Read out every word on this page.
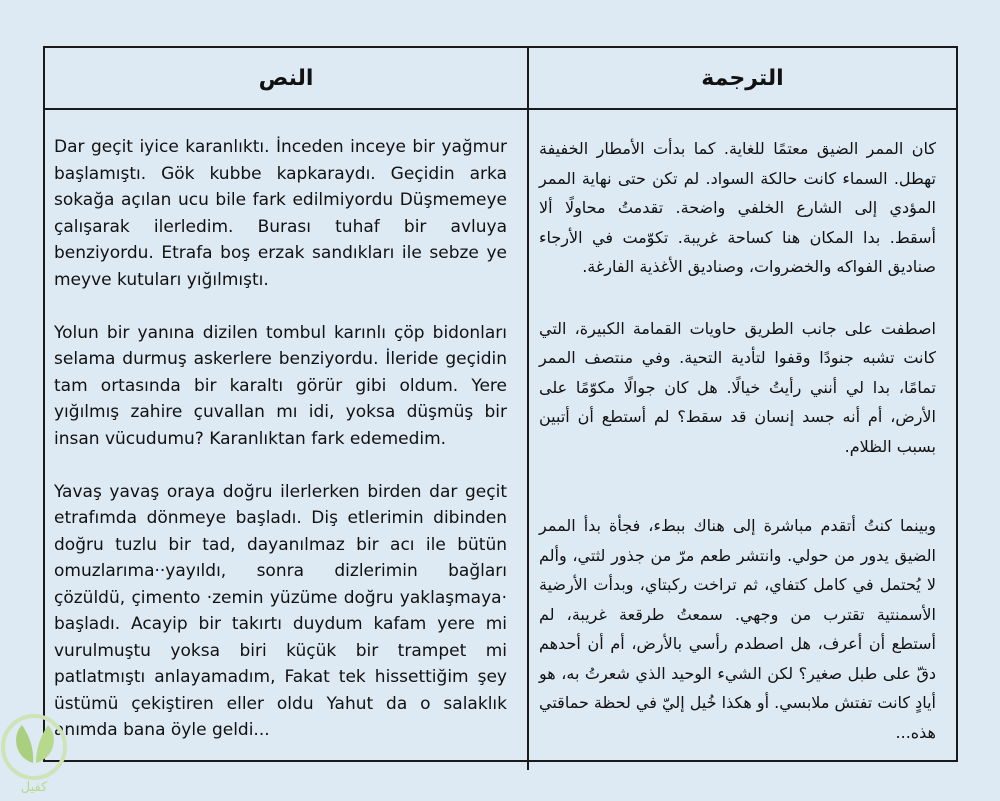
النص	الترجمة

Dar geçit iyice karanlıktı. İnceden inceye bir yağmur başlamıştı. Gök kubbe kapkaraydı. Geçidin arka sokağa açılan ucu bile fark edilmiyordu Düşmemeye çalışarak ilerledim. Burası tuhaf bir avluya benziyordu. Etrafa boş erzak sandıkları ile sebze ye meyve kutuları yığılmıştı.

Yolun bir yanına dizilen tombul karınlı çöp bidonları selama durmuş askerlere benziyordu. İleride geçidin tam ortasında bir karaltı görür gibi oldum. Yere yığılmış zahire çuvallan mı idi, yoksa düşmüş bir insan vücudumu? Karanlıktan fark edemedim.

Yavaş yavaş oraya doğru ilerlerken birden dar geçit etrafımda dönmeye başladı. Diş etlerimin dibinden doğru tuzlu bir tad, dayanılmaz bir acı ile bütün omuzlarıma··yayıldı, sonra dizlerimin bağları çözüldü, çimento ·zemin yüzüme doğru yaklaşmaya· başladı. Acayip bir takırtı duydum kafam yere mi vurulmuştu yoksa biri küçük bir trampet mi patlatmıştı anlayamadım, Fakat tek hissettiğim şey üstümü çekiştiren eller oldu Yahut da o salaklık anımda bana öyle geldi...

كان الممر الضيق معتمًا للغاية. كما بدأت الأمطار الخفيفة تهطل. السماء كانت حالكة السواد. لم تكن حتى نهاية الممر المؤدي إلى الشارع الخلفي واضحة. تقدمتُ محاولًا ألا أسقط. بدا المكان هنا كساحة غريبة. تكوّمت في الأرجاء صناديق الفواكه والخضروات، وصناديق الأغذية الفارغة.

اصطفت على جانب الطريق حاويات القمامة الكبيرة، التي كانت تشبه جنودًا وقفوا لتأدية التحية. وفي منتصف الممر تمامًا، بدا لي أنني رأيتُ خيالًا. هل كان جوالًا مكوّمًا على الأرض، أم أنه جسد إنسان قد سقط؟ لم أستطع أن أتبين بسبب الظلام.

وبينما كنتُ أتقدم مباشرة إلى هناك ببطء، فجأة بدأ الممر الضيق يدور من حولي. وانتشر طعم مرّ من جذور لثتي، وألم لا يُحتمل في كامل كتفاي، ثم تراخت ركبتاي، وبدأت الأرضية الأسمنتية تقترب من وجهي. سمعتُ طرقعة غريبة، لم أستطع أن أعرف، هل اصطدم رأسي بالأرض، أم أن أحدهم دقّ على طبل صغير؟ لكن الشيء الوحيد الذي شعرتُ به، هو أيادٍ كانت تفتش ملابسي. أو هكذا خُيل إليّ في لحظة حماقتي هذه...

كفيل
